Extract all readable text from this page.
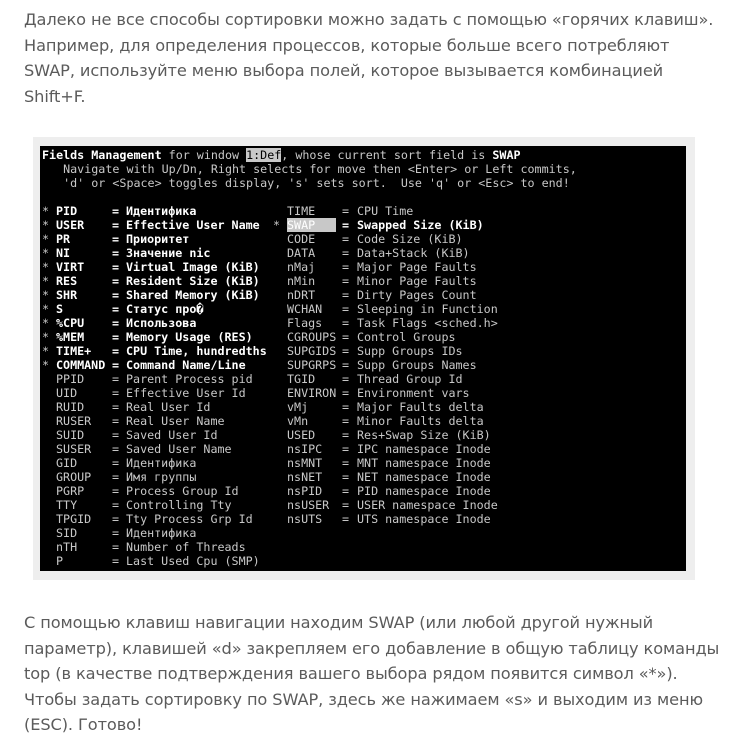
Далеко не все способы сортировки можно задать с помощью «горячих клавиш».
Например, для определения процессов, которые больше всего потребляют
SWAP, используйте меню выбора полей, которое вызывается комбинацией
Shift+F.

Fields Management for window 1:Def, whose current sort field is SWAP
Navigate with Up/Dn, Right selects for move then <Enter> or Left commits,
'd' or <Space> toggles display, 's' sets sort.  Use 'q' or <Esc> to end!
* PID	= Идентифика	TIME = CPU Time
* USER = Effective User Name * SWAP	= Swapped Size (KiB)
* PR	= Приоритет	CODE = Code Size (KiB)
* NI	= Значение nic	DATA = Data+Stack (KiB)
* VIRT = Virtual Image (KiB) nMaj = Major Page Faults
* RES	= Resident Size (KiB) nMin = Minor Page Faults
* SHR	= Shared Memory (KiB) nDRT = Dirty Pages Count
* S	= Статус про�	WCHAN = Sleeping in Function
* %CPU = Использова	Flags = Task Flags <sched.h>
* %MEM = Memory Usage (RES)	CGROUPS = Control Groups
* TIME+ = CPU Time, hundredths SUPGIDS = Supp Groups IDs
* COMMAND = Command Name/Line	SUPGRPS = Supp Groups Names
PPID = Parent Process pid	TGID = Thread Group Id
UID	= Effective User Id	ENVIRON = Environment vars
RUID = Real User Id	vMj	= Major Faults delta
RUSER = Real User Name	vMn	= Minor Faults delta
SUID = Saved User Id	USED = Res+Swap Size (KiB)
SUSER = Saved User Name	nsIPC = IPC namespace Inode
GID	= Идентифика	nsMNT = MNT namespace Inode
GROUP = Имя группы	nsNET = NET namespace Inode
PGRP = Process Group Id	nsPID = PID namespace Inode
TTY	= Controlling Tty	nsUSER = USER namespace Inode
TPGID = Tty Process Grp Id	nsUTS = UTS namespace Inode
SID	= Идентифика
nTH	= Number of Threads
P	= Last Used Cpu (SMP)

С помощью клавиш навигации находим SWAP (или любой другой нужный
параметр), клавишей «d» закрепляем его добавление в общую таблицу команды
top (в качестве подтверждения вашего выбора рядом появится символ «*»).
Чтобы задать сортировку по SWAP, здесь же нажимаем «s» и выходим из меню
(ESC). Готово!
